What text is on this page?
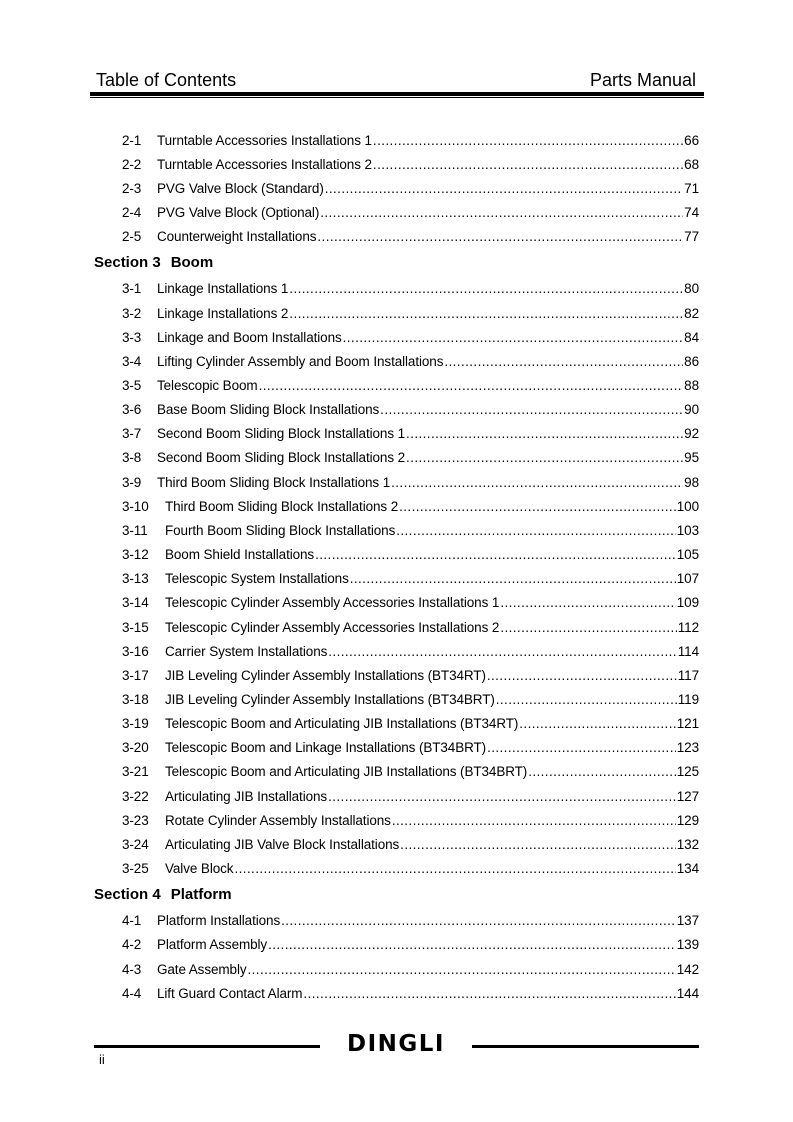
Table of Contents	Parts Manual
2-1	Turntable Accessories Installations 1 .....	66
2-2	Turntable Accessories Installations 2 .....	68
2-3	PVG Valve Block (Standard) .....	71
2-4	PVG Valve Block (Optional) .....	74
2-5	Counterweight Installations .....	77
Section 3 Boom
3-1	Linkage Installations 1 .....	80
3-2	Linkage Installations 2 .....	82
3-3	Linkage and Boom Installations .....	84
3-4	Lifting Cylinder Assembly and Boom Installations .....	86
3-5	Telescopic Boom .....	88
3-6	Base Boom Sliding Block Installations .....	90
3-7	Second Boom Sliding Block Installations 1 .....	92
3-8	Second Boom Sliding Block Installations 2 .....	95
3-9	Third Boom Sliding Block Installations 1 .....	98
3-10	Third Boom Sliding Block Installations 2 .....	100
3-11	Fourth Boom Sliding Block Installations .....	103
3-12	Boom Shield Installations .....	105
3-13	Telescopic System Installations .....	107
3-14	Telescopic Cylinder Assembly Accessories Installations 1 .....	109
3-15	Telescopic Cylinder Assembly Accessories Installations 2 .....	112
3-16	Carrier System Installations .....	114
3-17	JIB Leveling Cylinder Assembly Installations (BT34RT) .....	117
3-18	JIB Leveling Cylinder Assembly Installations (BT34BRT) .....	119
3-19	Telescopic Boom and Articulating JIB Installations (BT34RT) .....	121
3-20	Telescopic Boom and Linkage Installations (BT34BRT) .....	123
3-21	Telescopic Boom and Articulating JIB Installations (BT34BRT) .....	125
3-22	Articulating JIB Installations .....	127
3-23	Rotate Cylinder Assembly Installations .....	129
3-24	Articulating JIB Valve Block Installations .....	132
3-25	Valve Block .....	134
Section 4 Platform
4-1	Platform Installations .....	137
4-2	Platform Assembly .....	139
4-3	Gate Assembly .....	142
4-4	Lift Guard Contact Alarm .....	144
DINGLI
ii
